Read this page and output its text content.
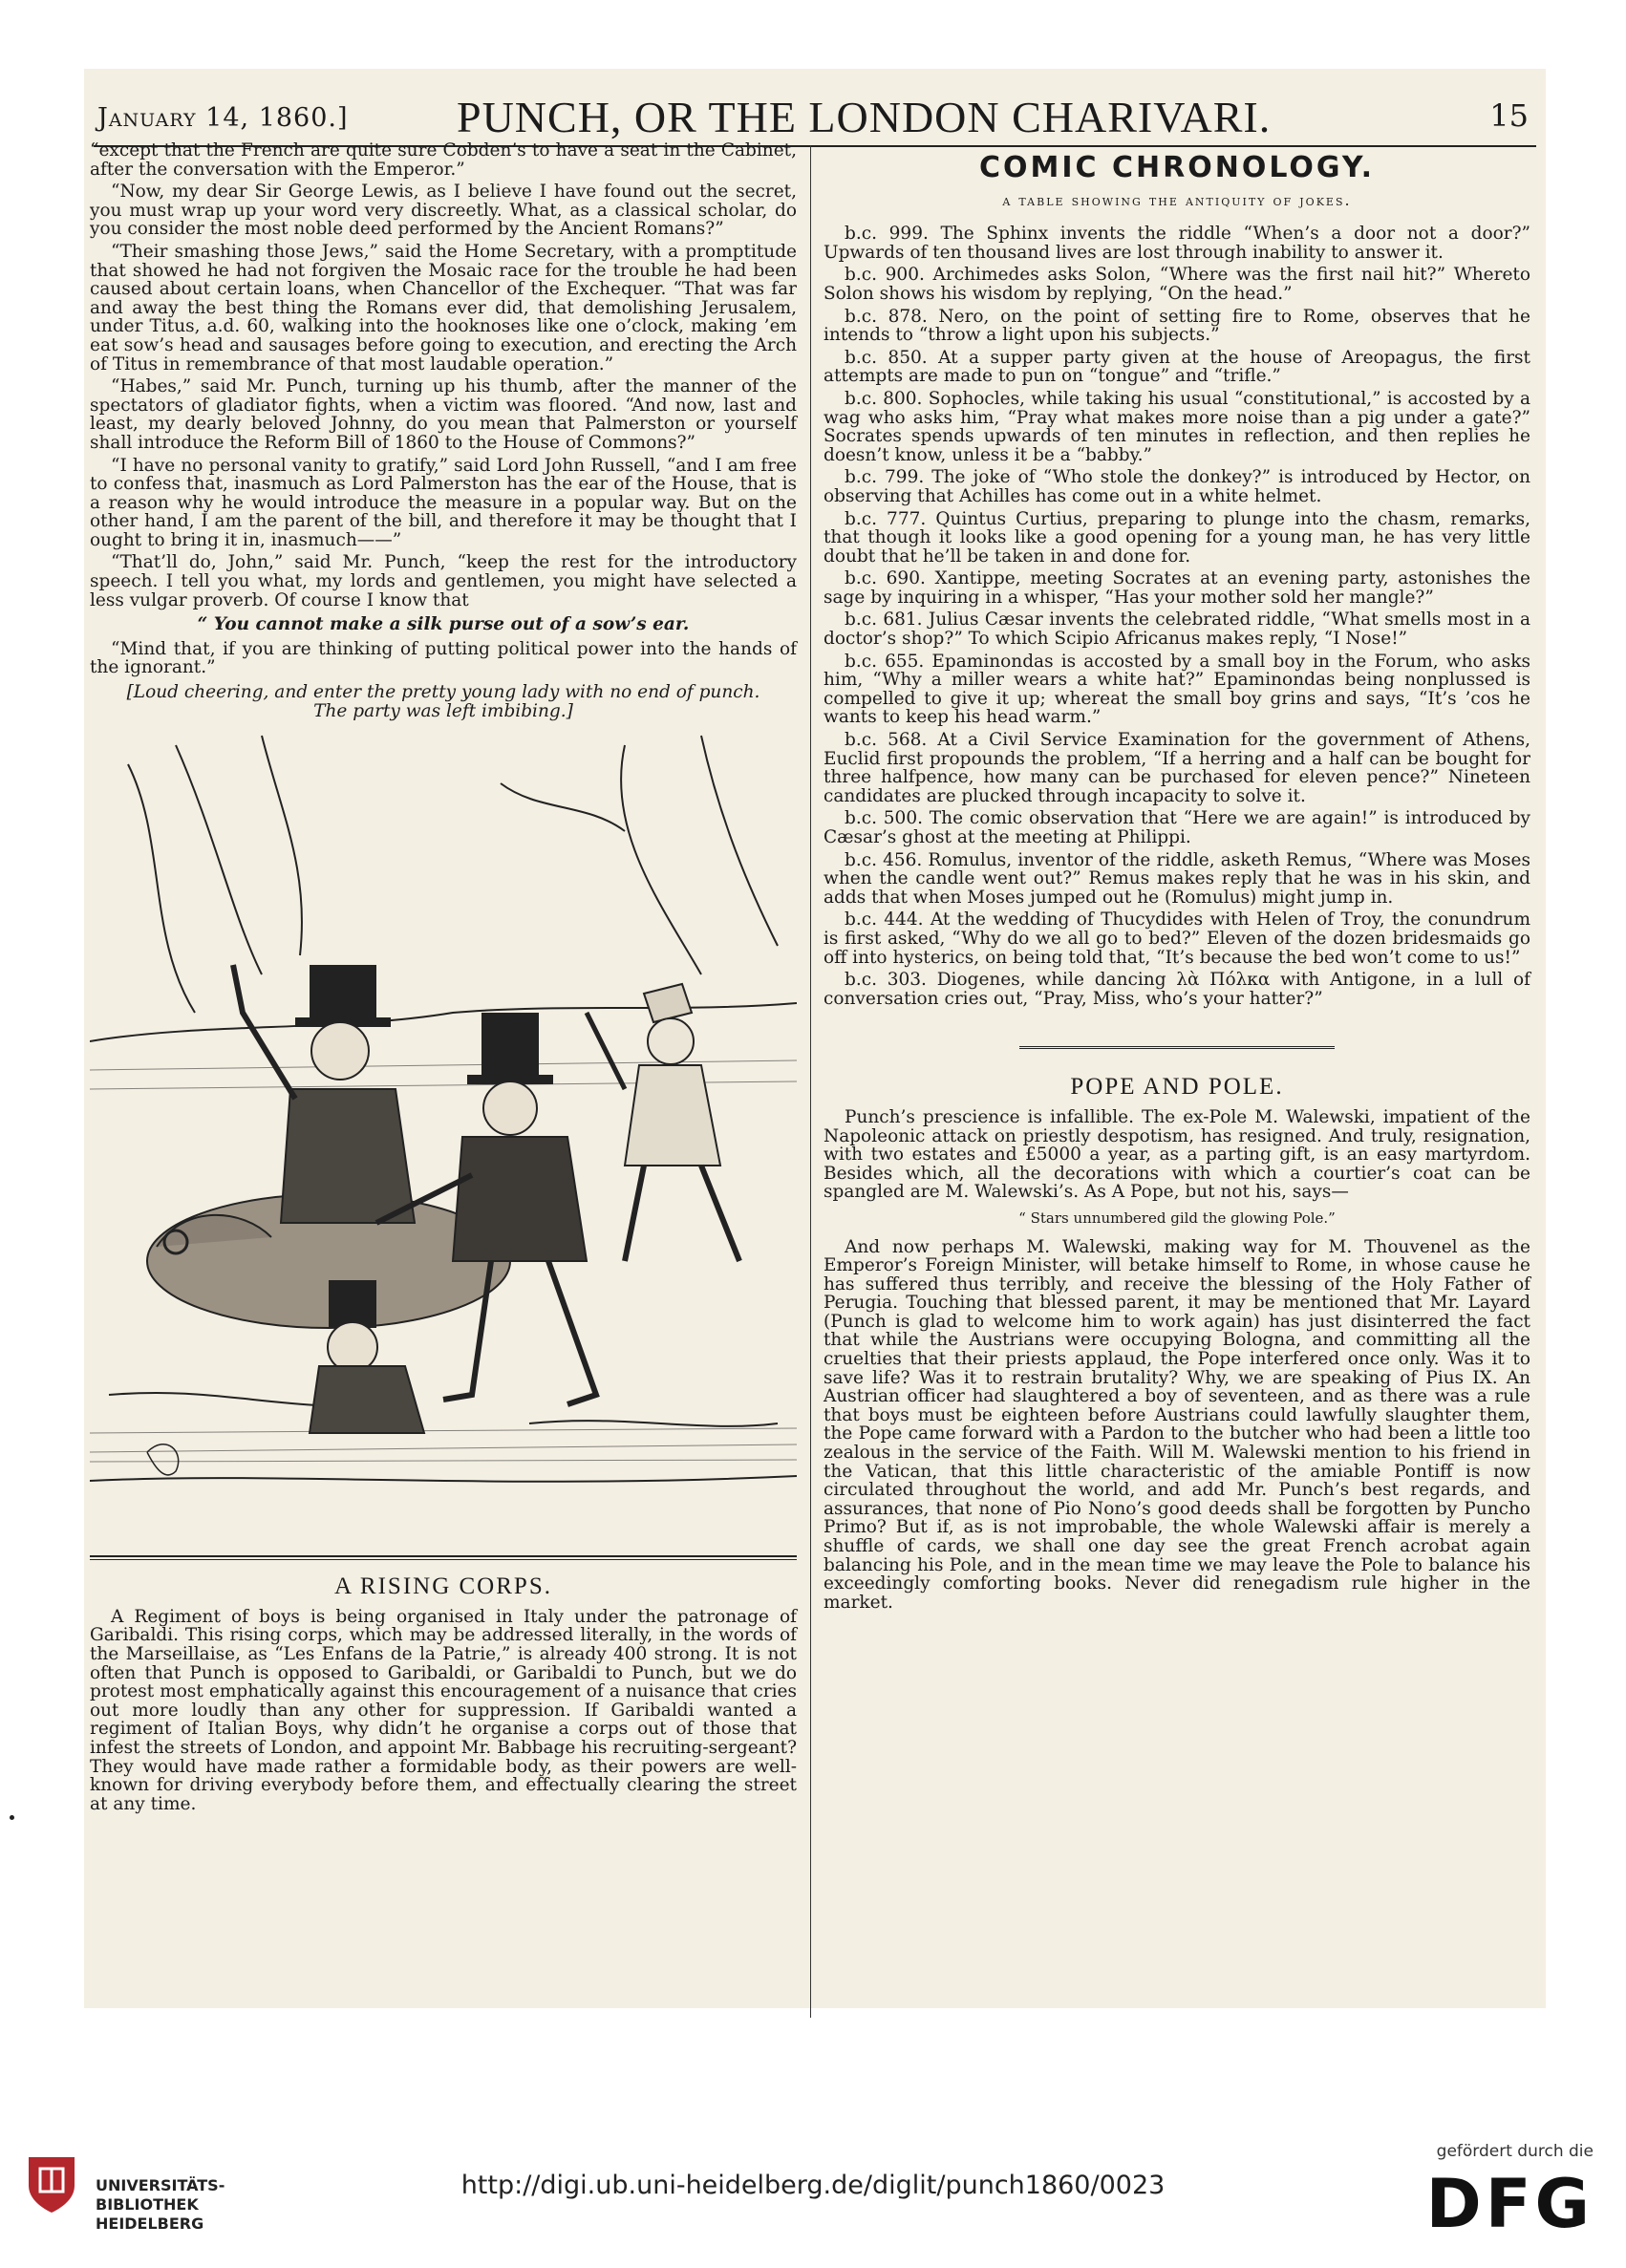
January 14, 1860.] PUNCH, OR THE LONDON CHARIVARI.	15

“except that the French are quite sure Cobden’s to have a seat in the Cabinet, after the conversation with the Emperor.”

“Now, my dear Sir George Lewis, as I believe I have found out the secret, you must wrap up your word very discreetly. What, as a classical scholar, do you consider the most noble deed performed by the Ancient Romans?”

“Their smashing those Jews,” said the Home Secretary, with a promptitude that showed he had not forgiven the Mosaic race for the trouble he had been caused about certain loans, when Chancellor of the Exchequer. “That was far and away the best thing the Romans ever did, that demolishing Jerusalem, under Titus, a.d. 60, walking into the hooknoses like one o’clock, making ’em eat sow’s head and sausages before going to execution, and erecting the Arch of Titus in remembrance of that most laudable operation.”

“Habes,” said Mr. Punch, turning up his thumb, after the manner of the spectators of gladiator fights, when a victim was floored. “And now, last and least, my dearly beloved Johnny, do you mean that Palmerston or yourself shall introduce the Reform Bill of 1860 to the House of Commons?”

“I have no personal vanity to gratify,” said Lord John Russell, “and I am free to confess that, inasmuch as Lord Palmerston has the ear of the House, that is a reason why he would introduce the measure in a popular way. But on the other hand, I am the parent of the bill, and therefore it may be thought that I ought to bring it in, inasmuch——”

“That’ll do, John,” said Mr. Punch, “keep the rest for the introductory speech. I tell you what, my lords and gentlemen, you might have selected a less vulgar proverb. Of course I know that

“ You cannot make a silk purse out of a sow’s ear.

“Mind that, if you are thinking of putting political power into the hands of the ignorant.”

[Loud cheering, and enter the pretty young lady with no end of punch. The party was left imbibing.]
A RISING CORPS.

A Regiment of boys is being organised in Italy under the patronage of Garibaldi. This rising corps, which may be addressed literally, in the words of the Marseillaise, as “Les Enfans de la Patrie,” is already 400 strong. It is not often that Punch is opposed to Garibaldi, or Garibaldi to Punch, but we do protest most emphatically against this encouragement of a nuisance that cries out more loudly than any other for suppression. If Garibaldi wanted a regiment of Italian Boys, why didn’t he organise a corps out of those that infest the streets of London, and appoint Mr. Babbage his recruiting-sergeant? They would have made rather a formidable body, as their powers are well-known for driving everybody before them, and effectually clearing the street at any time.

COMIC CHRONOLOGY.
a table showing the antiquity of jokes.

b.c. 999. The Sphinx invents the riddle “When’s a door not a door?” Upwards of ten thousand lives are lost through inability to answer it.

b.c. 900. Archimedes asks Solon, “Where was the first nail hit?” Whereto Solon shows his wisdom by replying, “On the head.”

b.c. 878. Nero, on the point of setting fire to Rome, observes that he intends to “throw a light upon his subjects.”

b.c. 850. At a supper party given at the house of Areopagus, the first attempts are made to pun on “tongue” and “trifle.”

b.c. 800. Sophocles, while taking his usual “constitutional,” is accosted by a wag who asks him, “Pray what makes more noise than a pig under a gate?” Socrates spends upwards of ten minutes in reflection, and then replies he doesn’t know, unless it be a “babby.”

b.c. 799. The joke of “Who stole the donkey?” is introduced by Hector, on observing that Achilles has come out in a white helmet.

b.c. 777. Quintus Curtius, preparing to plunge into the chasm, remarks, that though it looks like a good opening for a young man, he has very little doubt that he’ll be taken in and done for.

b.c. 690. Xantippe, meeting Socrates at an evening party, astonishes the sage by inquiring in a whisper, “Has your mother sold her mangle?”

b.c. 681. Julius Cæsar invents the celebrated riddle, “What smells most in a doctor’s shop?” To which Scipio Africanus makes reply, “I Nose!”

b.c. 655. Epaminondas is accosted by a small boy in the Forum, who asks him, “Why a miller wears a white hat?” Epaminondas being nonplussed is compelled to give it up; whereat the small boy grins and says, “It’s ’cos he wants to keep his head warm.”

b.c. 568. At a Civil Service Examination for the government of Athens, Euclid first propounds the problem, “If a herring and a half can be bought for three halfpence, how many can be purchased for eleven pence?” Nineteen candidates are plucked through incapacity to solve it.

b.c. 500. The comic observation that “Here we are again!” is introduced by Cæsar’s ghost at the meeting at Philippi.

b.c. 456. Romulus, inventor of the riddle, asketh Remus, “Where was Moses when the candle went out?” Remus makes reply that he was in his skin, and adds that when Moses jumped out he (Romulus) might jump in.

b.c. 444. At the wedding of Thucydides with Helen of Troy, the conundrum is first asked, “Why do we all go to bed?” Eleven of the dozen bridesmaids go off into hysterics, on being told that, “It’s because the bed won’t come to us!”

b.c. 303. Diogenes, while dancing λὰ Πόλκα with Antigone, in a lull of conversation cries out, “Pray, Miss, who’s your hatter?”

POPE AND POLE.

Punch’s prescience is infallible. The ex-Pole M. Walewski, impatient of the Napoleonic attack on priestly despotism, has resigned. And truly, resignation, with two estates and £5000 a year, as a parting gift, is an easy martyrdom. Besides which, all the decorations with which a courtier’s coat can be spangled are M. Walewski’s. As A Pope, but not his, says—

“ Stars unnumbered gild the glowing Pole.”

And now perhaps M. Walewski, making way for M. Thouvenel as the Emperor’s Foreign Minister, will betake himself to Rome, in whose cause he has suffered thus terribly, and receive the blessing of the Holy Father of Perugia. Touching that blessed parent, it may be mentioned that Mr. Layard (Punch is glad to welcome him to work again) has just disinterred the fact that while the Austrians were occupying Bologna, and committing all the cruelties that their priests applaud, the Pope interfered once only. Was it to save life? Was it to restrain brutality? Why, we are speaking of Pius IX. An Austrian officer had slaughtered a boy of seventeen, and as there was a rule that boys must be eighteen before Austrians could lawfully slaughter them, the Pope came forward with a Pardon to the butcher who had been a little too zealous in the service of the Faith. Will M. Walewski mention to his friend in the Vatican, that this little characteristic of the amiable Pontiff is now circulated throughout the world, and add Mr. Punch’s best regards, and assurances, that none of Pio Nono’s good deeds shall be forgotten by Puncho Primo? But if, as is not improbable, the whole Walewski affair is merely a shuffle of cards, we shall one day see the great French acrobat again balancing his Pole, and in the mean time we may leave the Pole to balance his exceedingly comforting books. Never did renegadism rule higher in the market.

UNIVERSITÄTS-
BIBLIOTHEK
HEIDELBERG
http://digi.ub.uni-heidelberg.de/diglit/punch1860/0023
gefördert durch die
DFG
